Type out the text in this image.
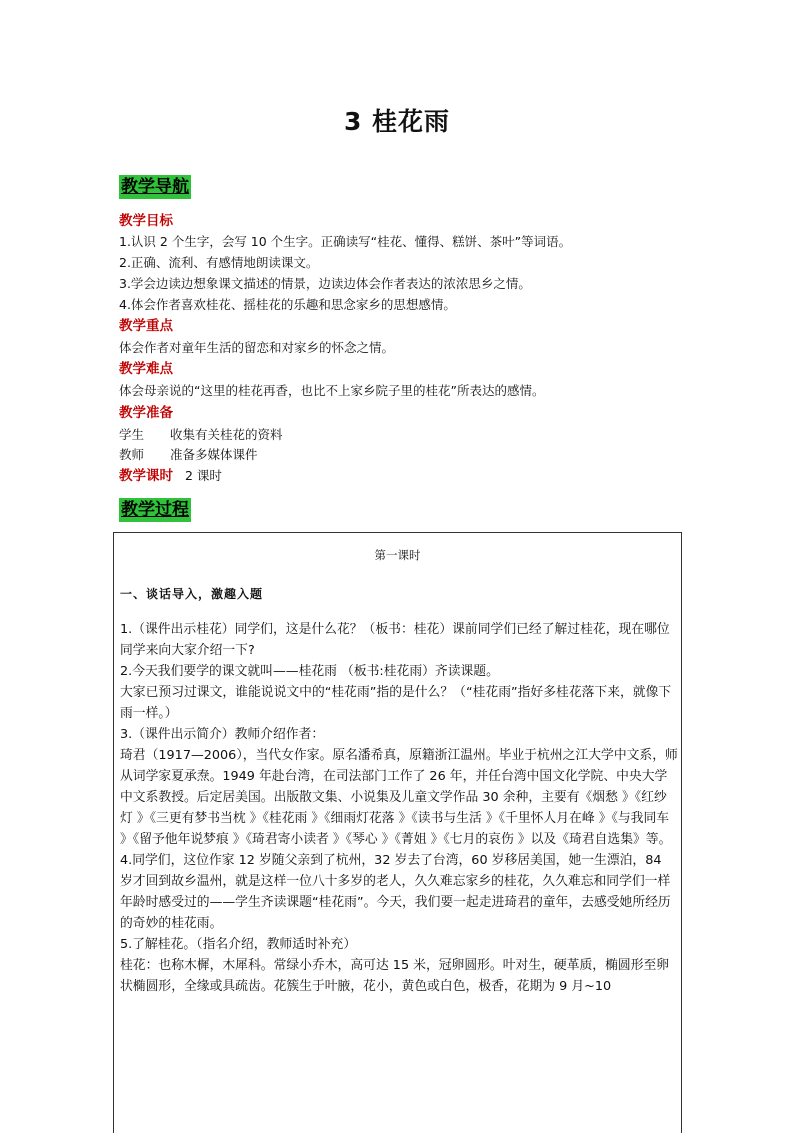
3 桂花雨
教学导航
教学目标
1.认识 2 个生字，会写 10 个生字。正确读写“桂花、懂得、糕饼、茶叶”等词语。
2.正确、流利、有感情地朗读课文。
3.学会边读边想象课文描述的情景，边读边体会作者表达的浓浓思乡之情。
4.体会作者喜欢桂花、摇桂花的乐趣和思念家乡的思想感情。
教学重点
体会作者对童年生活的留恋和对家乡的怀念之情。
教学难点
体会母亲说的“这里的桂花再香，也比不上家乡院子里的桂花”所表达的感情。
教学准备
学生 收集有关桂花的资料
教师 准备多媒体课件
教学课时 2 课时
教学过程
第一课时
一、谈话导入，激趣入题

1.（课件出示桂花）同学们，这是什么花？（板书：桂花）课前同学们已经了解过桂花，现在哪位同学来向大家介绍一下?

2.今天我们要学的课文就叫——桂花雨 （板书:桂花雨）齐读课题。

大家已预习过课文，谁能说说文中的“桂花雨”指的是什么？（“桂花雨”指好多桂花落下来，就像下雨一样。）

3.（课件出示简介）教师介绍作者：

琦君（1917—2006），当代女作家。原名潘希真，原籍浙江温州。毕业于杭州之江大学中文系，师从词学家夏承焘。1949 年赴台湾，在司法部门工作了 26 年，并任台湾中国文化学院、中央大学中文系教授。后定居美国。出版散文集、小说集及儿童文学作品 30 余种，主要有《烟愁 》《红纱灯 》《三更有梦书当枕 》《桂花雨 》《细雨灯花落 》《读书与生活 》《千里怀人月在峰 》《与我同车 》《留予他年说梦痕 》《琦君寄小读者 》《琴心 》《菁姐 》《七月的哀伤 》以及《琦君自选集》等。

4.同学们，这位作家 12 岁随父亲到了杭州，32 岁去了台湾，60 岁移居美国，她一生漂泊，84 岁才回到故乡温州，就是这样一位八十多岁的老人，久久难忘家乡的桂花，久久难忘和同学们一样年龄时感受过的——学生齐读课题“桂花雨”。今天，我们要一起走进琦君的童年，去感受她所经历的奇妙的桂花雨。

5.了解桂花。（指名介绍，教师适时补充）

桂花：也称木樨，木犀科。常绿小乔木，高可达 15 米，冠卵圆形。叶对生，硬革质，椭圆形至卵状椭圆形，全缘或具疏齿。花簇生于叶腋，花小，黄色或白色，极香，花期为 9 月~10
